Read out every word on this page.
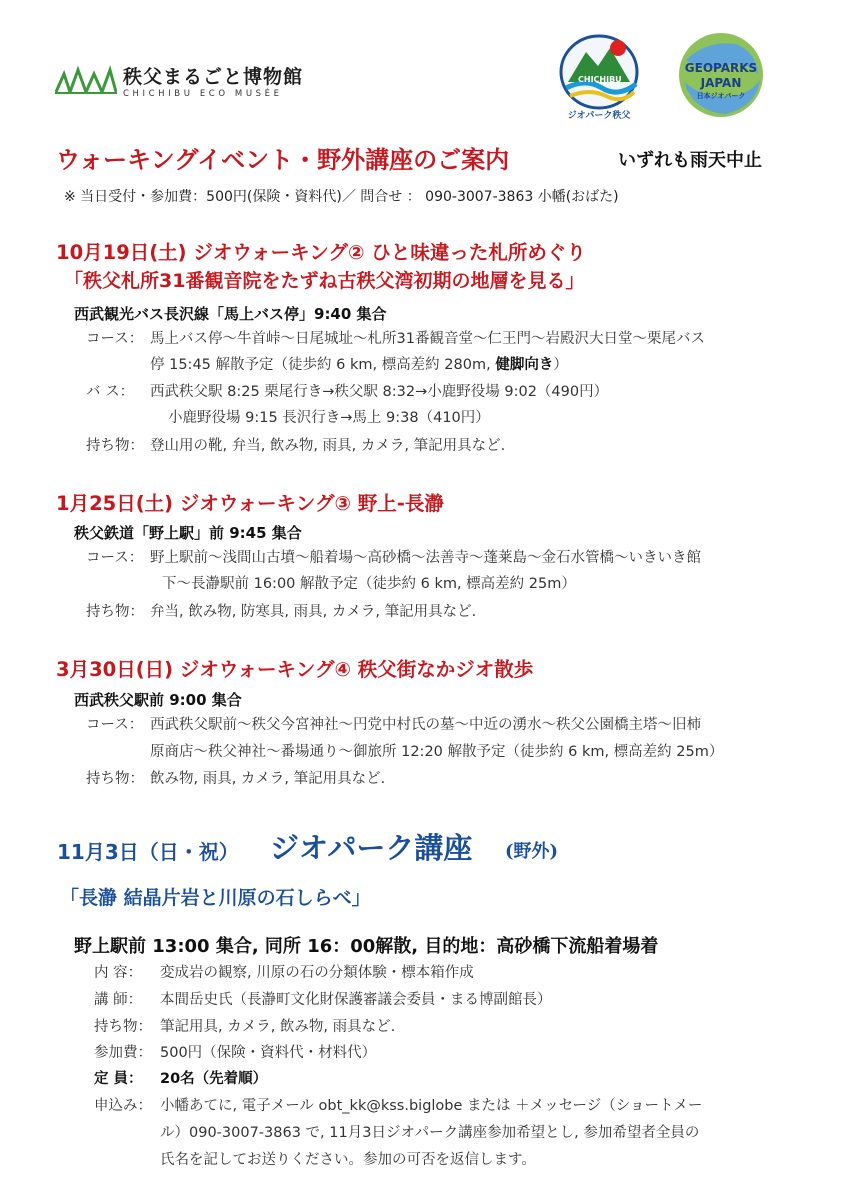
秩父まるごと博物館
CHICHIBU ECO MUSÉE
CHICHIBU
ジオパーク秩父
GEOPARKS
JAPAN
日本ジオパーク
ウォーキングイベント・野外講座のご案内	いずれも雨天中止
※ 当日受付・参加費：500円(保険・資料代)／ 問合せ ： 090-3007-3863 小幡(おばた)
10月19日(土) ジオウォーキング② ひと味違った札所めぐり
「秩父札所31番観音院をたずね古秩父湾初期の地層を見る」
西武観光バス長沢線「馬上バス停」9:40 集合
コース： 馬上バス停～牛首峠～日尾城址～札所31番観音堂～仁王門～岩殿沢大日堂～栗尾バス
停 15:45 解散予定（徒歩約 6 km, 標高差約 280m, 健脚向き）
バ ス： 西武秩父駅 8:25 栗尾行き→秩父駅 8:32→小鹿野役場 9:02（490円）
小鹿野役場 9:15 長沢行き→馬上 9:38（410円）
持ち物： 登山用の靴, 弁当, 飲み物, 雨具, カメラ, 筆記用具など.
1月25日(土) ジオウォーキング③ 野上-長瀞
秩父鉄道「野上駅」前 9:45 集合
コース： 野上駅前～浅間山古墳～船着場～高砂橋～法善寺～蓬莱島～金石水管橋～いきいき館
下～長瀞駅前 16:00 解散予定（徒歩約 6 km, 標高差約 25m）
持ち物： 弁当, 飲み物, 防寒具, 雨具, カメラ, 筆記用具など.
3月30日(日) ジオウォーキング④ 秩父街なかジオ散歩
西武秩父駅前 9:00 集合
コース： 西武秩父駅前～秩父今宮神社～円党中村氏の墓～中近の湧水～秩父公園橋主塔～旧柿
原商店～秩父神社～番場通り～御旅所 12:20 解散予定（徒歩約 6 km, 標高差約 25m）
持ち物： 飲み物, 雨具, カメラ, 筆記用具など.
11月3日（日・祝） ジオパーク講座 (野外)
「長瀞 結晶片岩と川原の石しらべ」
野上駅前 13:00 集合, 同所 16：00解散, 目的地：高砂橋下流船着場着
内 容： 変成岩の観察, 川原の石の分類体験・標本箱作成
講 師： 本間岳史氏（長瀞町文化財保護審議会委員・まる博副館長）
持ち物： 筆記用具, カメラ, 飲み物, 雨具など.
参加費： 500円（保険・資料代・材料代）
定 員： 20名（先着順）
申込み： 小幡あてに, 電子メール obt_kk@kss.biglobe または ＋メッセージ（ショートメー
ル）090-3007-3863 で, 11月3日ジオパーク講座参加希望とし, 参加希望者全員の
氏名を記してお送りください。参加の可否を返信します。
